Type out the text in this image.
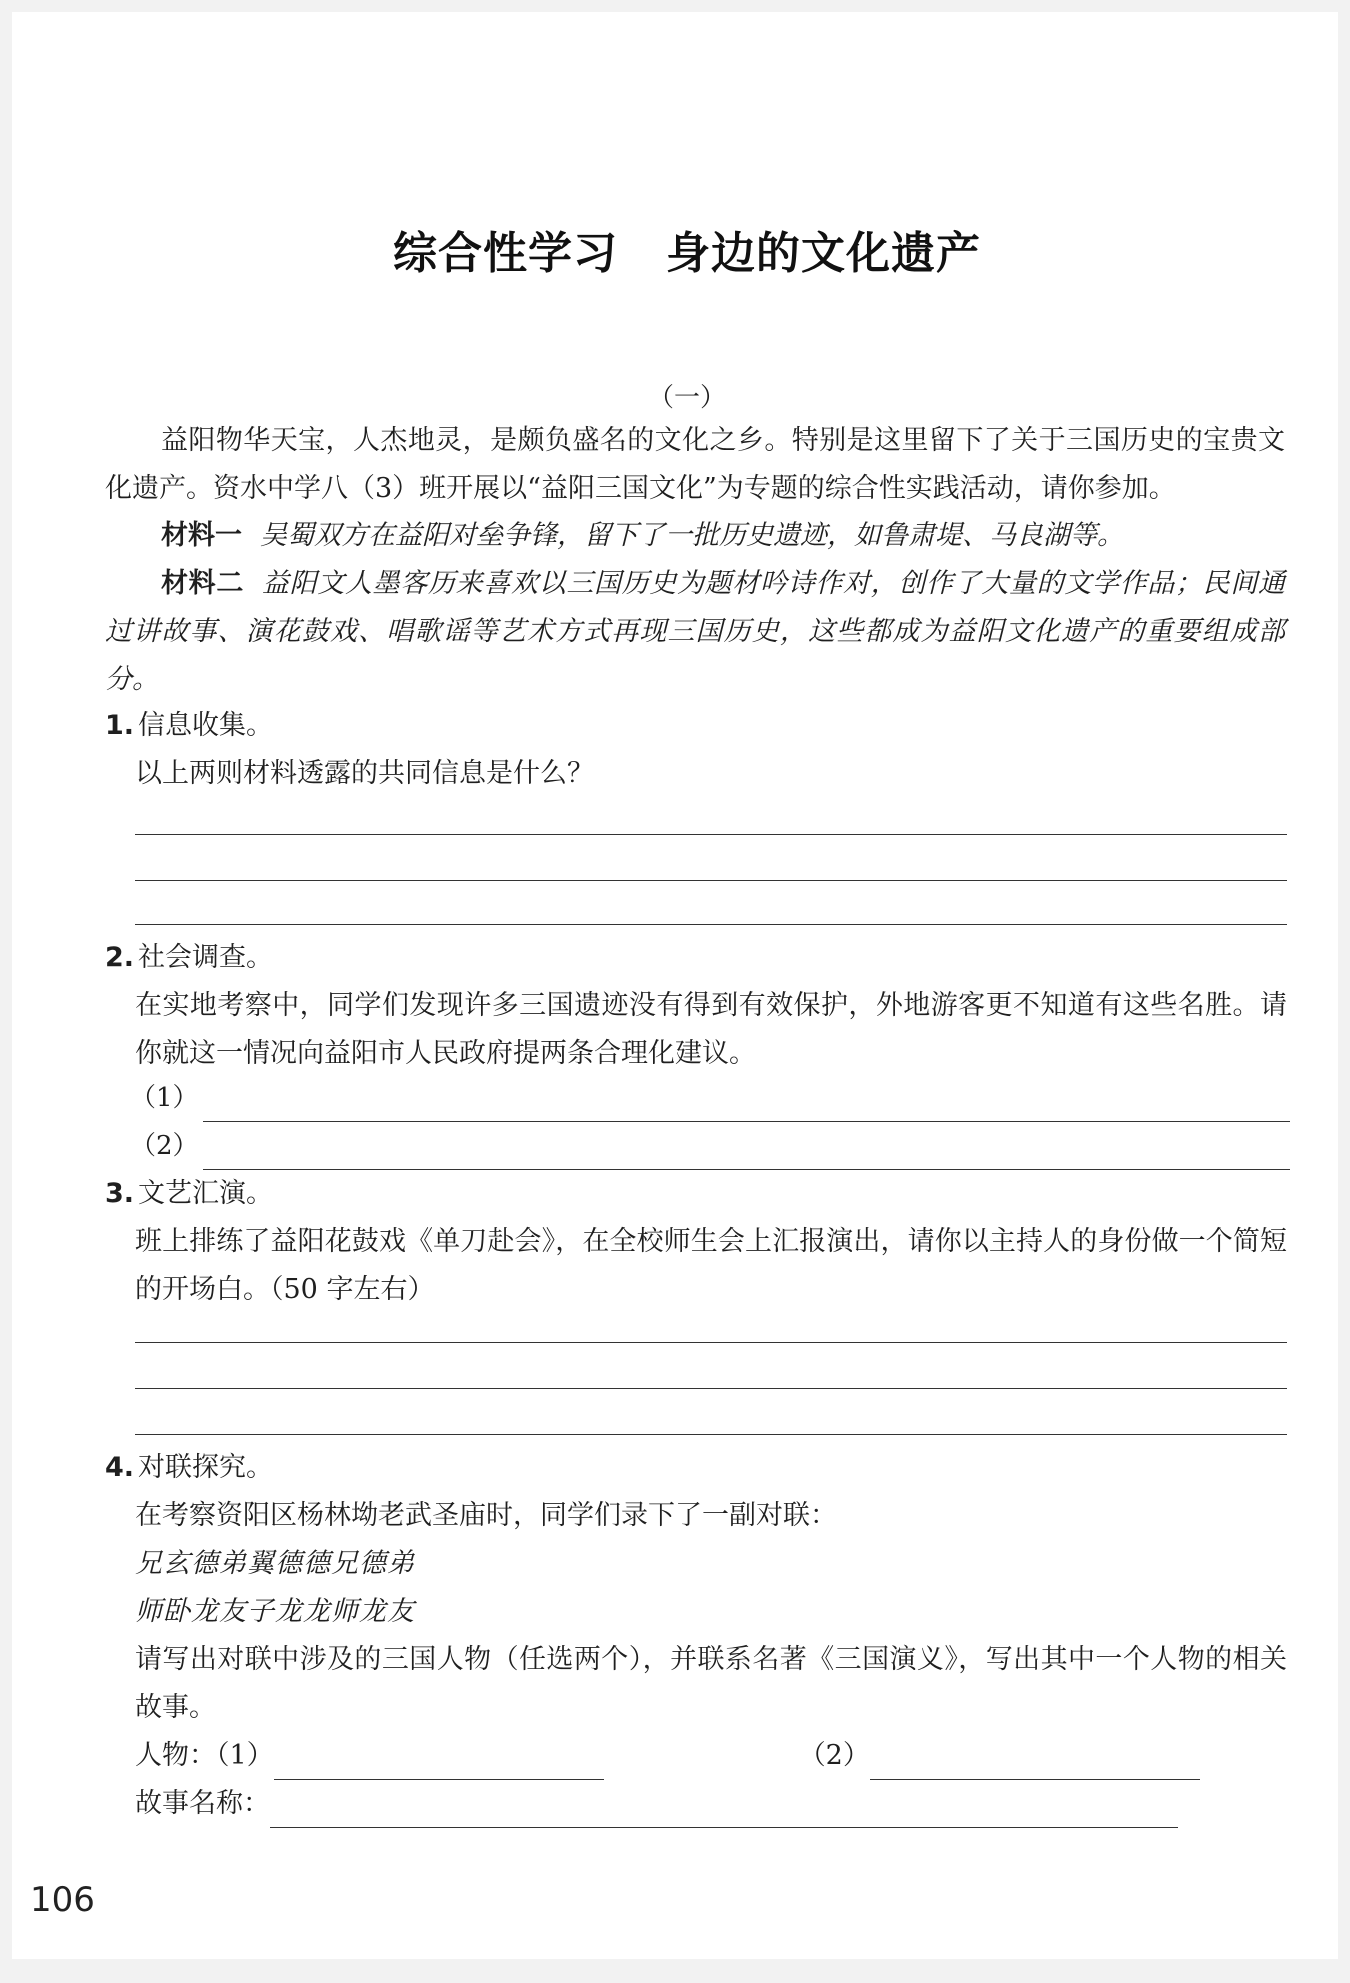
综合性学习 身边的文化遗产
（一）
益阳物华天宝，人杰地灵，是颇负盛名的文化之乡。特别是这里留下了关于三国历史的宝贵文化遗产。资水中学八（3）班开展以“益阳三国文化”为专题的综合性实践活动，请你参加。
材料一 吴蜀双方在益阳对垒争锋，留下了一批历史遗迹，如鲁肃堤、马良湖等。
材料二 益阳文人墨客历来喜欢以三国历史为题材吟诗作对，创作了大量的文学作品；民间通过讲故事、演花鼓戏、唱歌谣等艺术方式再现三国历史，这些都成为益阳文化遗产的重要组成部分。
1. 信息收集。
以上两则材料透露的共同信息是什么？
2. 社会调查。
在实地考察中，同学们发现许多三国遗迹没有得到有效保护，外地游客更不知道有这些名胜。请你就这一情况向益阳市人民政府提两条合理化建议。
（1）
（2）
3. 文艺汇演。
班上排练了益阳花鼓戏《单刀赴会》，在全校师生会上汇报演出，请你以主持人的身份做一个简短的开场白。（50 字左右）
4. 对联探究。
在考察资阳区杨林坳老武圣庙时，同学们录下了一副对联：
兄玄德弟翼德德兄德弟
师卧龙友子龙龙师龙友
请写出对联中涉及的三国人物（任选两个），并联系名著《三国演义》，写出其中一个人物的相关故事。
人物：（1）	（2）
故事名称：
106
